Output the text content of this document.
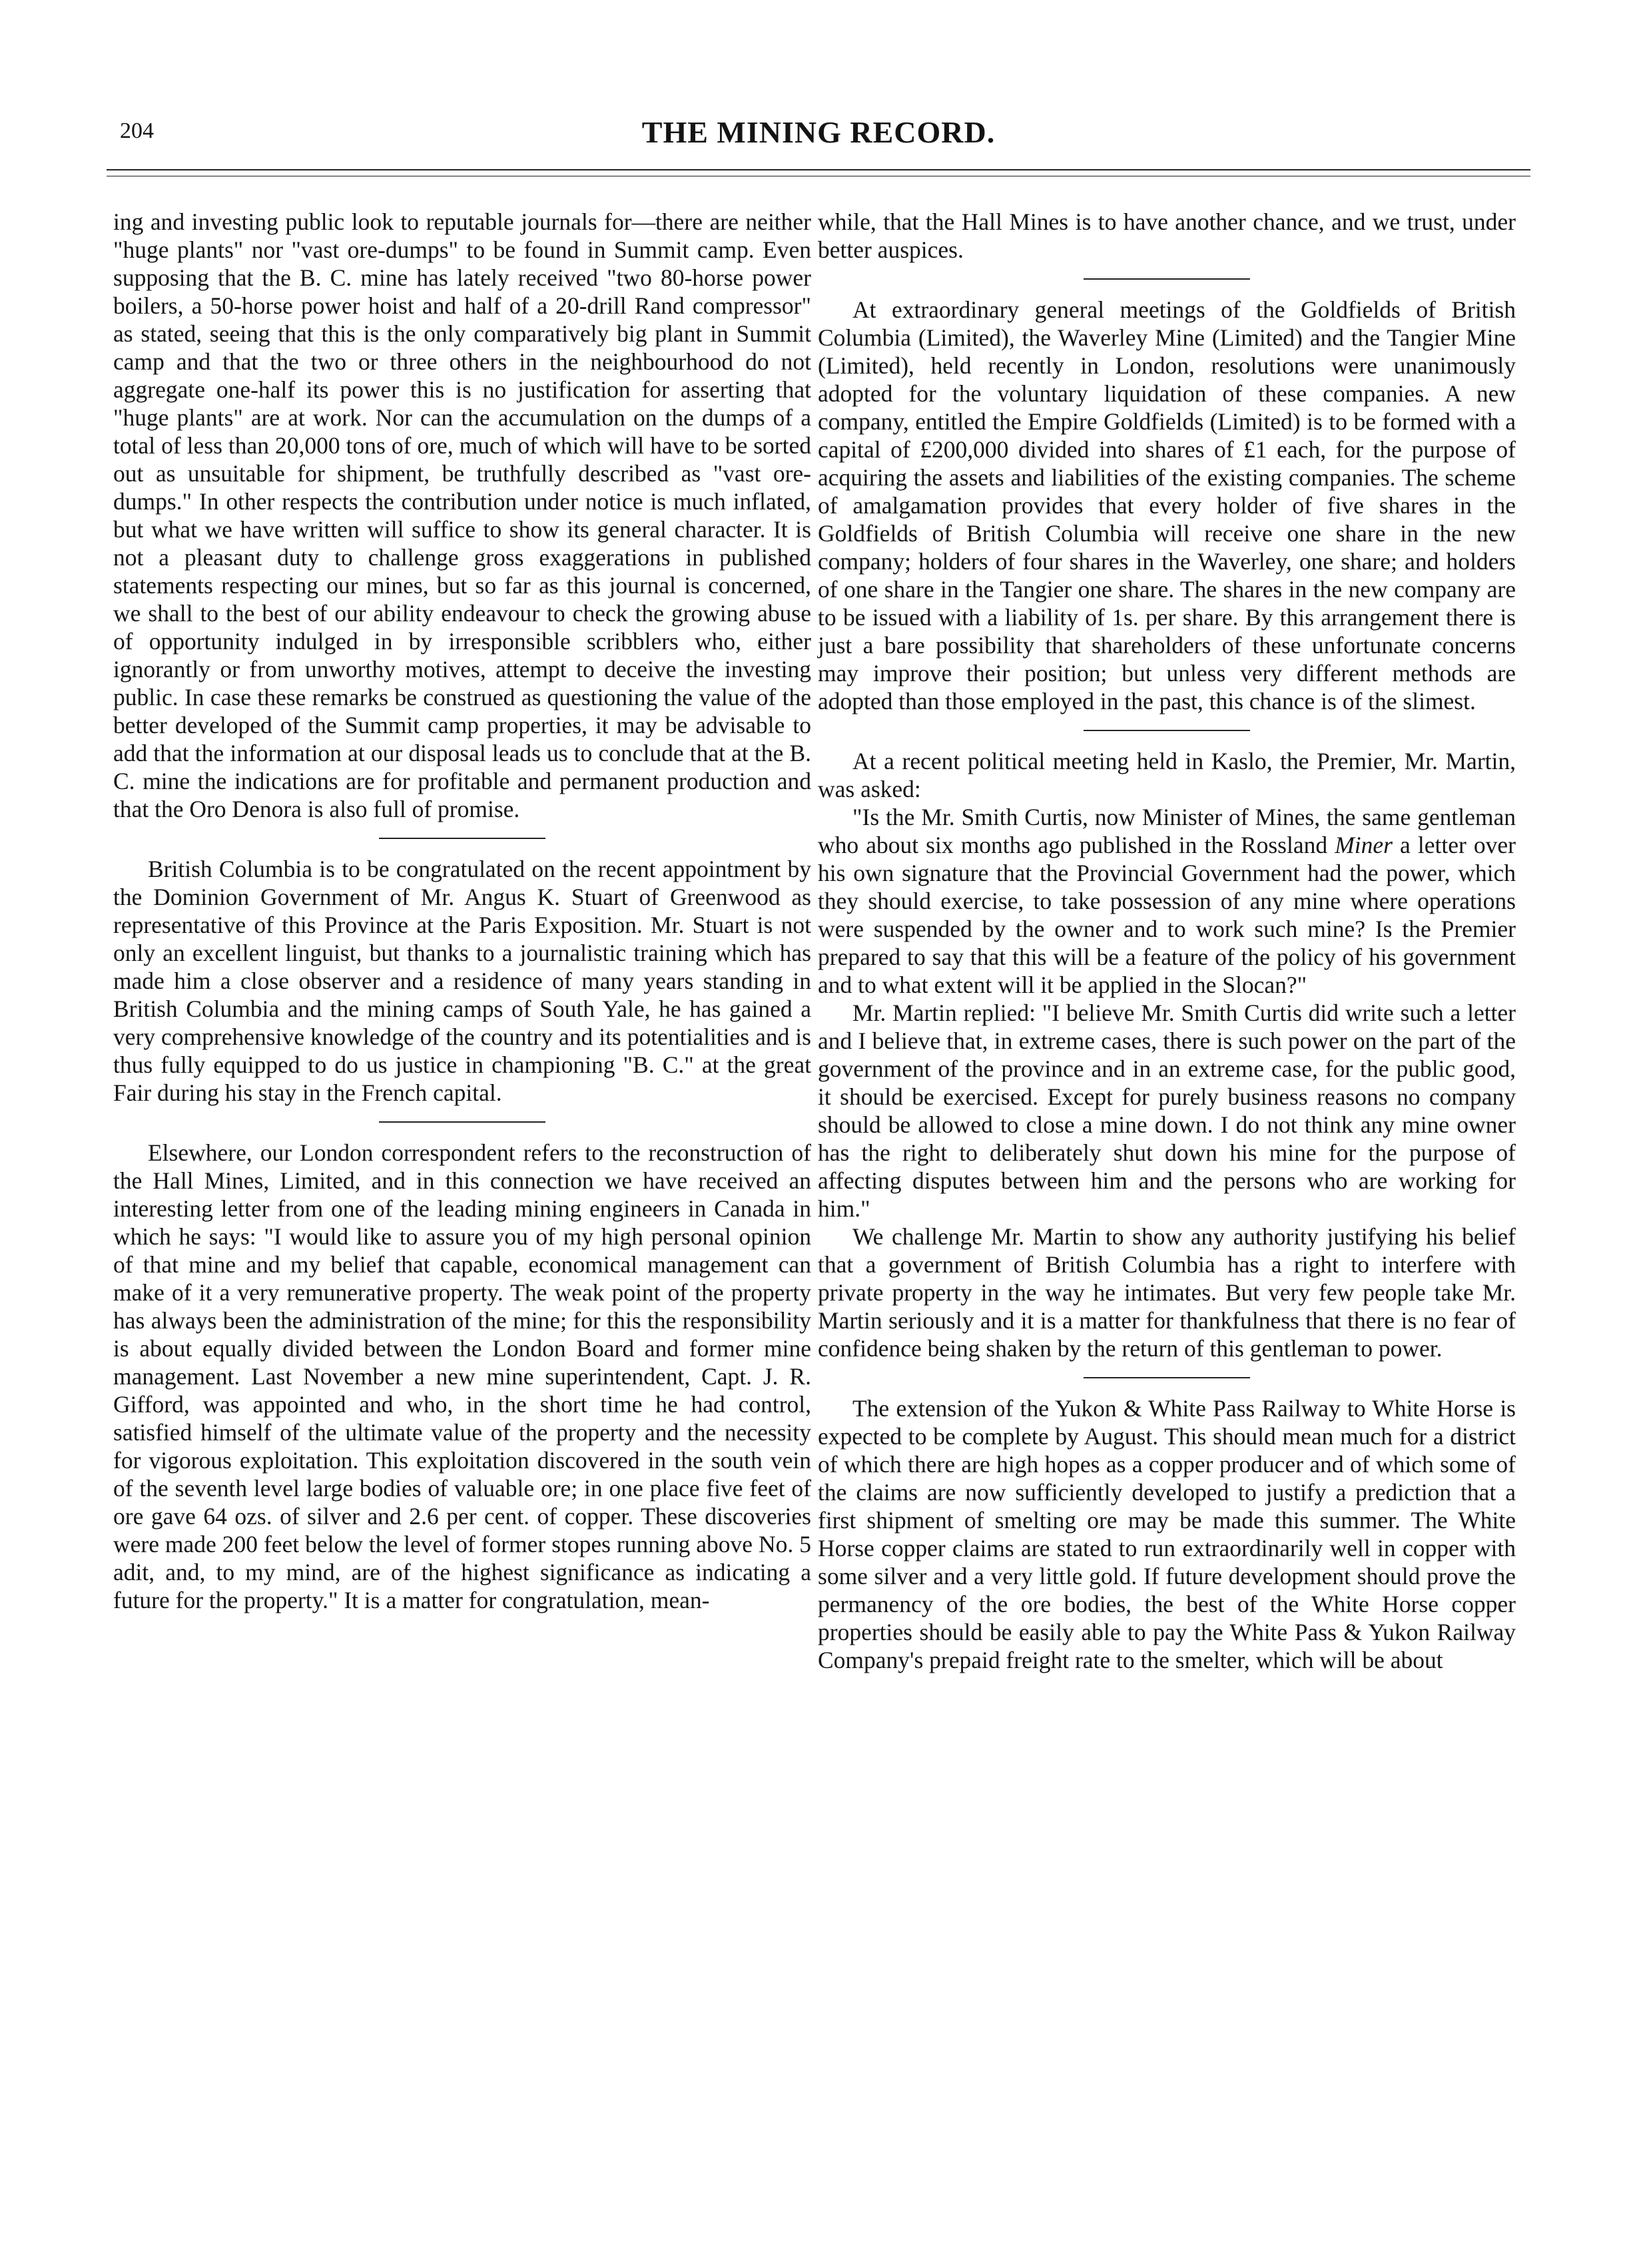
204	THE MINING RECORD.

ing and investing public look to reputable journals for—there are neither "huge plants" nor "vast ore-dumps" to be found in Summit camp. Even supposing that the B. C. mine has lately received "two 80-horse power boilers, a 50-horse power hoist and half of a 20-drill Rand compressor" as stated, seeing that this is the only comparatively big plant in Summit camp and that the two or three others in the neighbourhood do not aggregate one-half its power this is no justification for asserting that "huge plants" are at work. Nor can the accumulation on the dumps of a total of less than 20,000 tons of ore, much of which will have to be sorted out as unsuitable for shipment, be truthfully described as "vast ore-dumps." In other respects the contribution under notice is much inflated, but what we have written will suffice to show its general character. It is not a pleasant duty to challenge gross exaggerations in published statements respecting our mines, but so far as this journal is concerned, we shall to the best of our ability endeavour to check the growing abuse of opportunity indulged in by irresponsible scribblers who, either ignorantly or from unworthy motives, attempt to deceive the investing public. In case these remarks be construed as questioning the value of the better developed of the Summit camp properties, it may be advisable to add that the information at our disposal leads us to conclude that at the B. C. mine the indications are for profitable and permanent production and that the Oro Denora is also full of promise.

British Columbia is to be congratulated on the recent appointment by the Dominion Government of Mr. Angus K. Stuart of Greenwood as representative of this Province at the Paris Exposition. Mr. Stuart is not only an excellent linguist, but thanks to a journalistic training which has made him a close observer and a residence of many years standing in British Columbia and the mining camps of South Yale, he has gained a very comprehensive knowledge of the country and its potentialities and is thus fully equipped to do us justice in championing "B. C." at the great Fair during his stay in the French capital.

Elsewhere, our London correspondent refers to the reconstruction of the Hall Mines, Limited, and in this connection we have received an interesting letter from one of the leading mining engineers in Canada in which he says: "I would like to assure you of my high personal opinion of that mine and my belief that capable, economical management can make of it a very remunerative property. The weak point of the property has always been the administration of the mine; for this the responsibility is about equally divided between the London Board and former mine management. Last November a new mine superintendent, Capt. J. R. Gifford, was appointed and who, in the short time he had control, satisfied himself of the ultimate value of the property and the necessity for vigorous exploitation. This exploitation discovered in the south vein of the seventh level large bodies of valuable ore; in one place five feet of ore gave 64 ozs. of silver and 2.6 per cent. of copper. These discoveries were made 200 feet below the level of former stopes running above No. 5 adit, and, to my mind, are of the highest significance as indicating a future for the property." It is a matter for congratulation, mean-

while, that the Hall Mines is to have another chance, and we trust, under better auspices.

At extraordinary general meetings of the Goldfields of British Columbia (Limited), the Waverley Mine (Limited) and the Tangier Mine (Limited), held recently in London, resolutions were unanimously adopted for the voluntary liquidation of these companies. A new company, entitled the Empire Goldfields (Limited) is to be formed with a capital of £200,000 divided into shares of £1 each, for the purpose of acquiring the assets and liabilities of the existing companies. The scheme of amalgamation provides that every holder of five shares in the Goldfields of British Columbia will receive one share in the new company; holders of four shares in the Waverley, one share; and holders of one share in the Tangier one share. The shares in the new company are to be issued with a liability of 1s. per share. By this arrangement there is just a bare possibility that shareholders of these unfortunate concerns may improve their position; but unless very different methods are adopted than those employed in the past, this chance is of the slimest.

At a recent political meeting held in Kaslo, the Premier, Mr. Martin, was asked:

"Is the Mr. Smith Curtis, now Minister of Mines, the same gentleman who about six months ago published in the Rossland Miner a letter over his own signature that the Provincial Government had the power, which they should exercise, to take possession of any mine where operations were suspended by the owner and to work such mine? Is the Premier prepared to say that this will be a feature of the policy of his government and to what extent will it be applied in the Slocan?"

Mr. Martin replied: "I believe Mr. Smith Curtis did write such a letter and I believe that, in extreme cases, there is such power on the part of the government of the province and in an extreme case, for the public good, it should be exercised. Except for purely business reasons no company should be allowed to close a mine down. I do not think any mine owner has the right to deliberately shut down his mine for the purpose of affecting disputes between him and the persons who are working for him."

We challenge Mr. Martin to show any authority justifying his belief that a government of British Columbia has a right to interfere with private property in the way he intimates. But very few people take Mr. Martin seriously and it is a matter for thankfulness that there is no fear of confidence being shaken by the return of this gentleman to power.

The extension of the Yukon & White Pass Railway to White Horse is expected to be complete by August. This should mean much for a district of which there are high hopes as a copper producer and of which some of the claims are now sufficiently developed to justify a prediction that a first shipment of smelting ore may be made this summer. The White Horse copper claims are stated to run extraordinarily well in copper with some silver and a very little gold. If future development should prove the permanency of the ore bodies, the best of the White Horse copper properties should be easily able to pay the White Pass & Yukon Railway Company's prepaid freight rate to the smelter, which will be about
